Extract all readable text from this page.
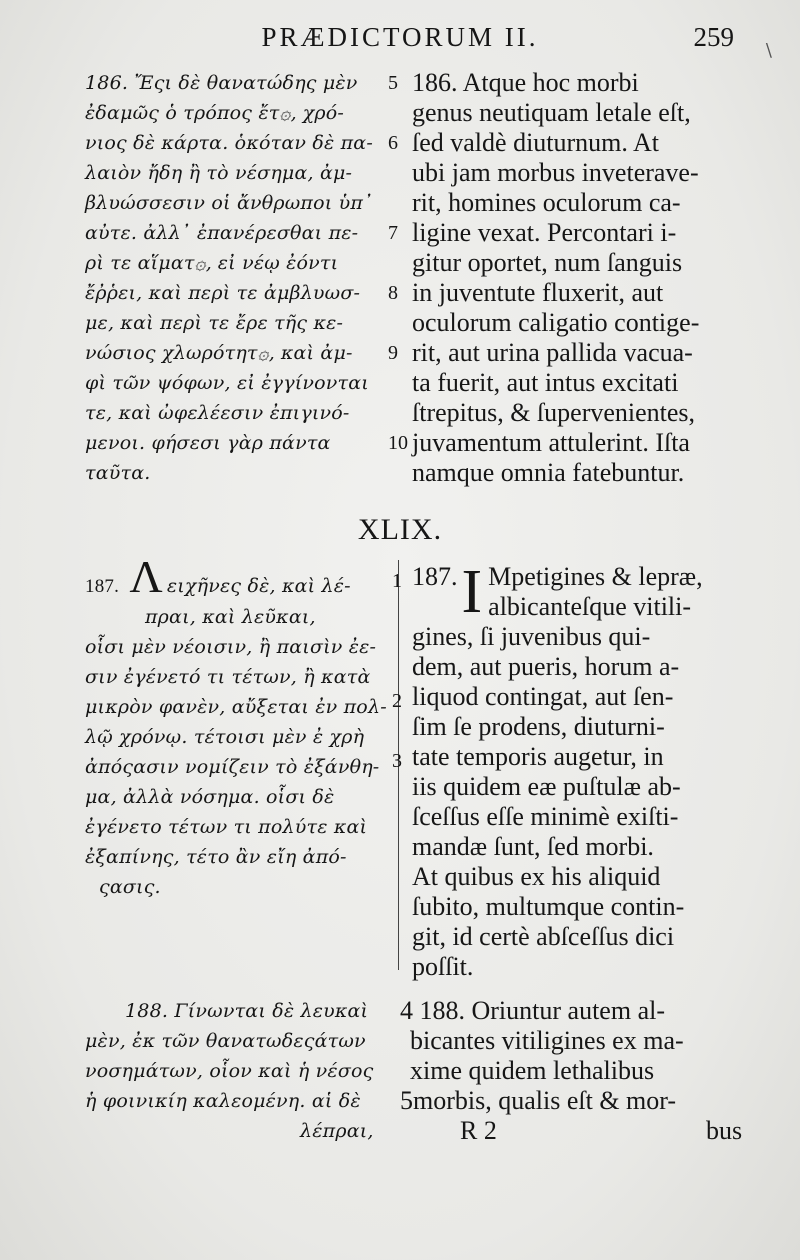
PRÆDICTORUM II.	259 \
186. Ἔςι δὲ θανατώδης μὲν
ἐδαμῶς ὁ τρόπος ἔτ۞, χρό-
νιος δὲ κάρτα. ὁκόταν δὲ πα-
λαιὸν ἤδη ἢ τὸ νέσημα, ἀμ-
βλυώσσεσιν οἱ ἄνθρωποι ὑπ᾽
αὐτε. ἀλλ᾽ ἐπανέρεσθαι πε-
ρὶ τε αἵματ۞, εἰ νέῳ ἐόντι
ἔῤῥει, καὶ περὶ τε ἀμβλυωσ-
με, καὶ περὶ τε ἔρε τῆς κε-
νώσιος χλωρότητ۞, καὶ ἀμ-
φὶ τῶν ψόφων, εἰ ἐγγίνονται
τε, καὶ ὠφελέεσιν ἐπιγινό-
μενοι. φήσεσι γὰρ πάντα
ταῦτα.
5
6
7
8
9
10
186. Atque hoc morbi
genus neutiquam letale eſt,
ſed valdè diuturnum. At
ubi jam morbus inveterave-
rit, homines oculorum ca-
ligine vexat. Percontari i-
gitur oportet, num ſanguis
in juventute fluxerit, aut
oculorum caligatio contige-
rit, aut urina pallida vacua-
ta fuerit, aut intus excitati
ſtrepitus, & ſupervenientes,
juvamentum attulerint. Iſta
namque omnia fatebuntur.
XLIX.
187. Λ ειχῆνες δὲ, καὶ λέ-
πραι, καὶ λεῦκαι,
οἷσι μὲν νέοισιν, ἢ παισὶν ἐε-
σιν ἐγένετό τι τέτων, ἢ κατὰ
μικρὸν φανὲν, αὔξεται ἐν πολ-
λῷ χρόνῳ. τέτοισι μὲν ἐ χρὴ
ἀπόςασιν νομίζειν τὸ ἐξάνθη-
μα, ἀλλὰ νόσημα. οἷσι δὲ
ἐγένετο τέτων τι πολύτε καὶ
ἐξαπίνης, τέτο ἂν εἴη ἀπό-
ςασις.
1
2
3
187. I Mpetigines & lepræ,
albicanteſque vitili-
gines, ſi juvenibus qui-
dem, aut pueris, horum a-
liquod contingat, aut ſen-
ſim ſe prodens, diuturni-
tate temporis augetur, in
iis quidem eæ puſtulæ ab-
ſceſſus eſſe minimè exiſti-
mandæ ſunt, ſed morbi.
At quibus ex his aliquid
ſubito, multumque contin-
git, id certè abſceſſus dici
poſſit.
188. Γίνωνται δὲ λευκαὶ
μὲν, ἐκ τῶν θανατωδεςάτων
νοσημάτων, οἷον καὶ ἡ νέσος
ἡ φοινικίη καλεομένη. αἱ δὲ
λέπραι,
4 188. Oriuntur autem al-
bicantes vitiligines ex ma-
xime quidem lethalibus
5morbis, qualis eſt & mor-
R 2	bus
